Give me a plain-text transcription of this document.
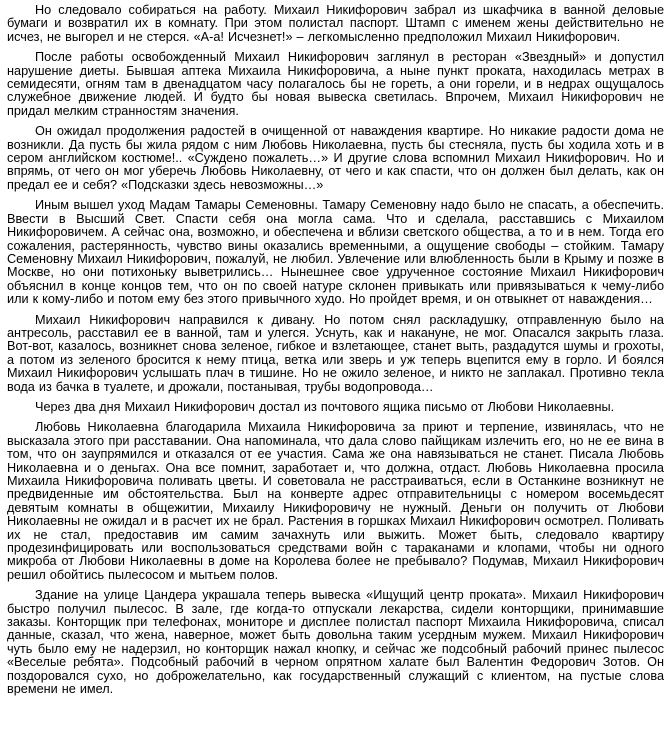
Но следовало собираться на работу. Михаил Никифорович забрал из шкафчика в ванной деловые бумаги и возвратил их в комнату. При этом полистал паспорт. Штамп с именем жены действительно не исчез, не выгорел и не стерся. «А-а! Исчезнет!» – легкомысленно предположил Михаил Никифорович.

После работы освобожденный Михаил Никифорович заглянул в ресторан «Звездный» и допустил нарушение диеты. Бывшая аптека Михаила Никифоровича, а ныне пункт проката, находилась метрах в семидесяти, огням там в двенадцатом часу полагалось бы не гореть, а они горели, и в недрах ощущалось служебное движение людей. И будто бы новая вывеска светилась. Впрочем, Михаил Никифорович не придал мелким странностям значения.

Он ожидал продолжения радостей в очищенной от наваждения квартире. Но никакие радости дома не возникли. Да пусть бы жила рядом с ним Любовь Николаевна, пусть бы стесняла, пусть бы ходила хоть и в сером английском костюме!.. «Суждено пожалеть…» И другие слова вспомнил Михаил Никифорович. Но и впрямь, от чего он мог уберечь Любовь Николаевну, от чего и как спасти, что он должен был делать, как он предал ее и себя? «Подсказки здесь невозможны…»

Иным вышел уход Мадам Тамары Семеновны. Тамару Семеновну надо было не спасать, а обеспечить. Ввести в Высший Свет. Спасти себя она могла сама. Что и сделала, расставшись с Михаилом Никифоровичем. А сейчас она, возможно, и обеспечена и вблизи светского общества, а то и в нем. Тогда его сожаления, растерянность, чувство вины оказались временными, а ощущение свободы – стойким. Тамару Семеновну Михаил Никифорович, пожалуй, не любил. Увлечение или влюбленность были в Крыму и позже в Москве, но они потихоньку выветрились… Нынешнее свое удрученное состояние Михаил Никифорович объяснил в конце концов тем, что он по своей натуре склонен привыкать или привязываться к чему-либо или к кому-либо и потом ему без этого привычного худо. Но пройдет время, и он отвыкнет от наваждения…

Михаил Никифорович направился к дивану. Но потом снял раскладушку, отправленную было на антресоль, расставил ее в ванной, там и улегся. Уснуть, как и накануне, не мог. Опасался закрыть глаза. Вот-вот, казалось, возникнет снова зеленое, гибкое и взлетающее, станет выть, раздадутся шумы и грохоты, а потом из зеленого бросится к нему птица, ветка или зверь и уж теперь вцепится ему в горло. И боялся Михаил Никифорович услышать плач в тишине. Но не ожило зеленое, и никто не заплакал. Противно текла вода из бачка в туалете, и дрожали, постанывая, трубы водопровода…

Через два дня Михаил Никифорович достал из почтового ящика письмо от Любови Николаевны.

Любовь Николаевна благодарила Михаила Никифоровича за приют и терпение, извинялась, что не высказала этого при расставании. Она напоминала, что дала слово пайщикам излечить его, но не ее вина в том, что он заупрямился и отказался от ее участия. Сама же она навязываться не станет. Писала Любовь Николаевна и о деньгах. Она все помнит, заработает и, что должна, отдаст. Любовь Николаевна просила Михаила Никифоровича поливать цветы. И советовала не расстраиваться, если в Останкине возникнут не предвиденные им обстоятельства. Был на конверте адрес отправительницы с номером восемьдесят девятым комнаты в общежитии, Михаилу Никифоровичу не нужный. Деньги он получить от Любови Николаевны не ожидал и в расчет их не брал. Растения в горшках Михаил Никифорович осмотрел. Поливать их не стал, предоставив им самим зачахнуть или выжить. Может быть, следовало квартиру продезинфицировать или воспользоваться средствами войн с тараканами и клопами, чтобы ни одного микроба от Любови Николаевны в доме на Королева более не пребывало? Подумав, Михаил Никифорович решил обойтись пылесосом и мытьем полов.

Здание на улице Цандера украшала теперь вывеска «Ищущий центр проката». Михаил Никифорович быстро получил пылесос. В зале, где когда-то отпускали лекарства, сидели конторщики, принимавшие заказы. Конторщик при телефонах, мониторе и дисплее полистал паспорт Михаила Никифоровича, списал данные, сказал, что жена, наверное, может быть довольна таким усердным мужем. Михаил Никифорович чуть было ему не надерзил, но конторщик нажал кнопку, и сейчас же подсобный рабочий принес пылесос «Веселые ребята». Подсобный рабочий в черном опрятном халате был Валентин Федорович Зотов. Он поздоровался сухо, но доброжелательно, как государственный служащий с клиентом, на пустые слова времени не имел.
